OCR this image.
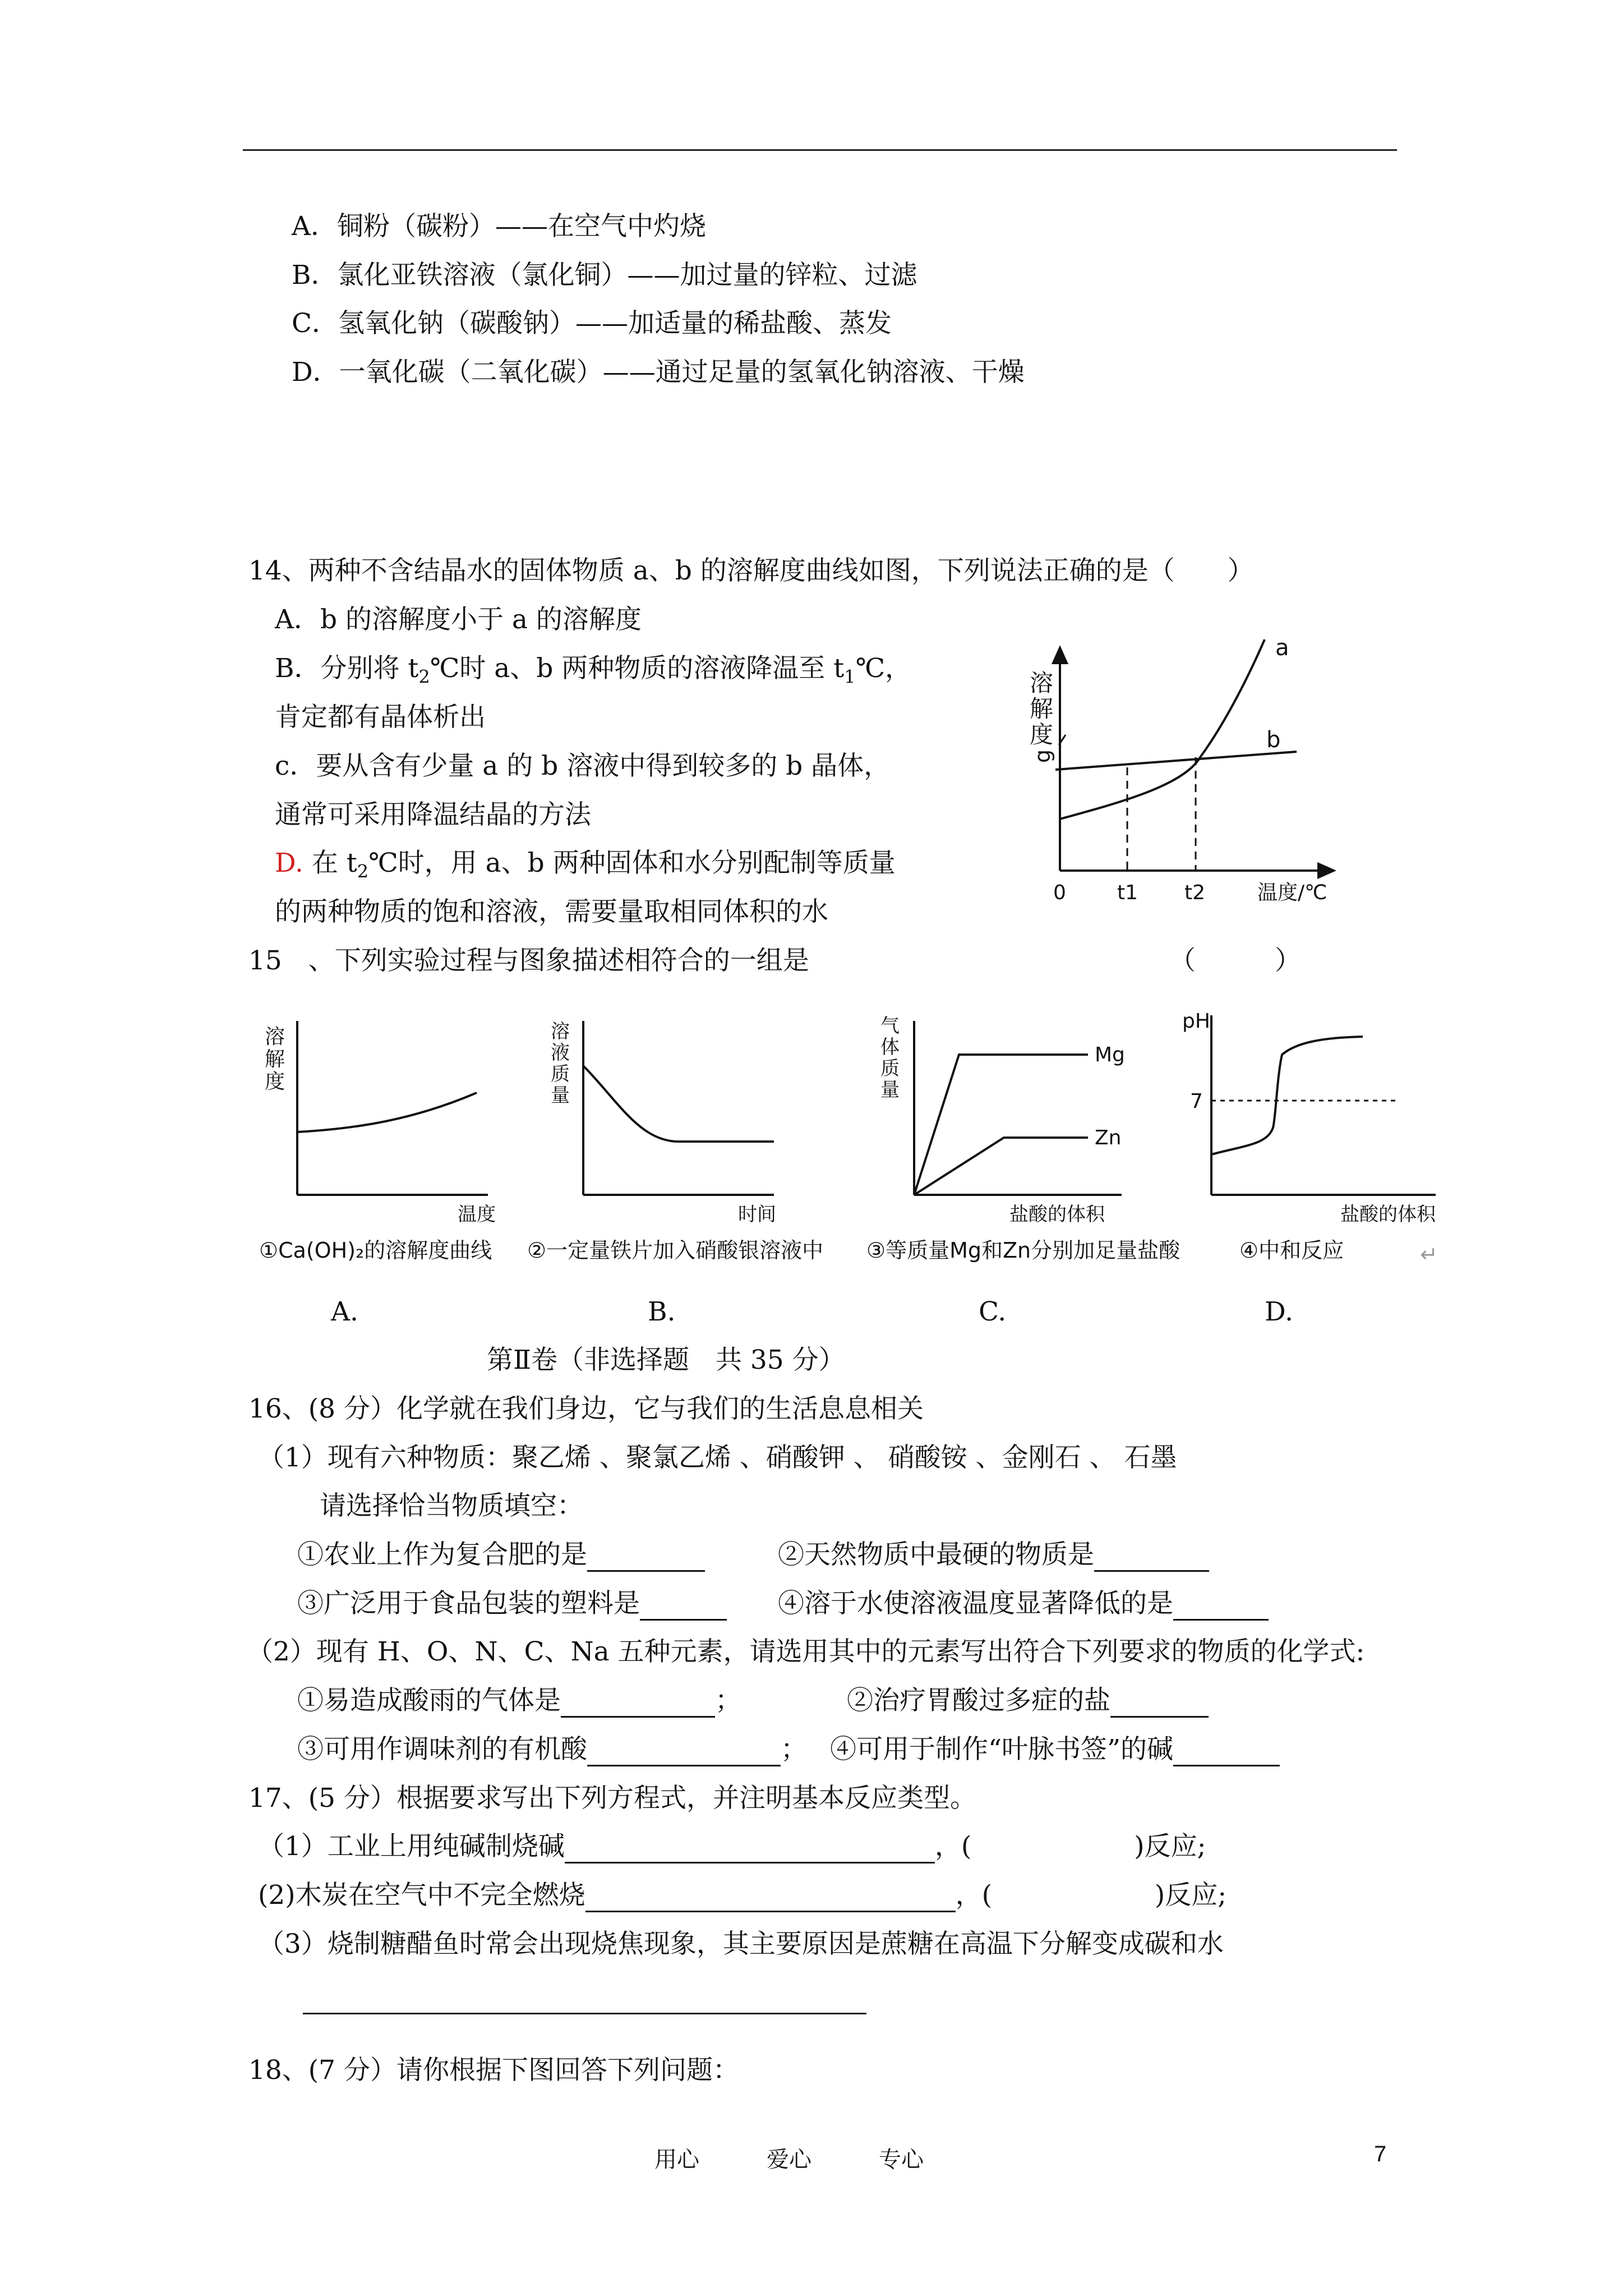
A．铜粉（碳粉）——在空气中灼烧
B．氯化亚铁溶液（氯化铜）——加过量的锌粒、过滤
C．氢氧化钠（碳酸钠）——加适量的稀盐酸、蒸发
D．一氧化碳（二氧化碳）——通过足量的氢氧化钠溶液、干燥
14、两种不含结晶水的固体物质 a、b 的溶解度曲线如图，下列说法正确的是（　　）
A．b 的溶解度小于 a 的溶解度
B．分别将 $t_2℃$时 a、b 两种物质的溶液降温至 $t_1℃$，
肯定都有晶体析出
c．要从含有少量 a 的 b 溶液中得到较多的 b 晶体，
通常可采用降温结晶的方法
D. 在 $t_2℃$时，用 a、b 两种固体和水分别配制等质量
的两种物质的饱和溶液，需要量取相同体积的水
溶
解
度
g
a
b
0	t1 t2	温度/℃
15　、下列实验过程与图象描述相符合的一组是	（　　　）
溶
解
度
温度
①Ca(OH)₂的溶解度曲线
溶
液
质
量
时间
②一定量铁片加入硝酸银溶液中
气
体
质
量
Mg
Zn
盐酸的体积
③等质量Mg和Zn分别加足量盐酸
pH
7
盐酸的体积
④中和反应	↵
A.	B.	C.	D.
第Ⅱ卷（非选择题　共 35 分）
16、(8 分）化学就在我们身边，它与我们的生活息息相关
（1）现有六种物质：聚乙烯 、聚氯乙烯 、硝酸钾 、 硝酸铵 、金刚石 、 石墨
请选择恰当物质填空：
①农业上作为复合肥的是	②天然物质中最硬的物质是
③广泛用于食品包装的塑料是	④溶于水使溶液温度显著降低的是
（2）现有 H、O、N、C、Na 五种元素，请选用其中的元素写出符合下列要求的物质的化学式:
①易造成酸雨的气体是	；	②治疗胃酸过多症的盐
③可用作调味剂的有机酸	； ④可用于制作“叶脉书签”的碱
17、(5 分）根据要求写出下列方程式，并注明基本反应类型。
（1）工业上用纯碱制烧碱	，(	)反应;
(2)木炭在空气中不完全燃烧	，(	)反应;
（3）烧制糖醋鱼时常会出现烧焦现象，其主要原因是蔗糖在高温下分解变成碳和水
18、(7 分）请你根据下图回答下列问题：
用心	爱心	专心	7
